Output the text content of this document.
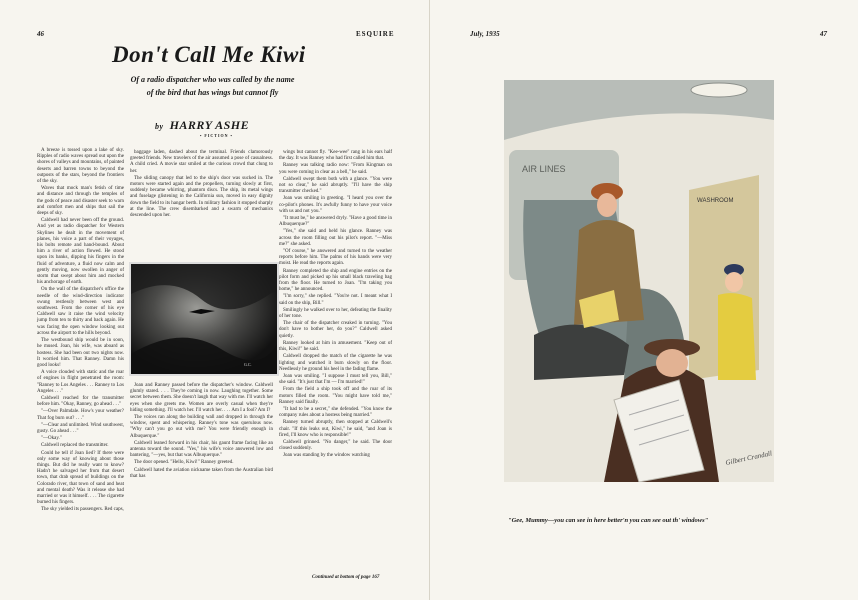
46	ESQUIRE
Don't Call Me Kiwi
Of a radio dispatcher who was called by the name of the bird that has wings but cannot fly
by HARRY ASHE
• FICTION •

A breeze is tossed upon a lake of sky. Ripples of radio waves spread out upon the shores of valleys and mountains, of painted deserts and barren towns to beyond the outposts of the stars, beyond the frontiers of the sky.

Waves that mock man's fetish of time and distance and through the temples of the gods of peace and disaster seek to warn and comfort men and ships that sail the deeps of sky.

Caldwell had never been off the ground. And yet as radio dispatcher for Western Skylines he dealt in the movement of planes, his voice a part of their voyages, his bolts remote and hand-bound. About him a river of action flowed. He stood upon its banks, dipping his fingers in the fluid of adventure, a fluid now calm and gently moving, now swollen in anger of storm that swept about him and mocked his anchorage of earth.

On the wall of the dispatcher's office the needle of the wind-direction indicator swung restlessly between west and southwest. From the corner of his eye Caldwell saw it raise the wind velocity jump from ten to thirty and back again. He was facing the open window looking out across the airport to the hills beyond.

The westbound ship would be in soon, he mused. Joan, his wife, was aboard as hostess. She had been out two nights now. It worried him. That Ranney. Damn his good looks!

A voice clouded with static and the roar of engines in flight penetrated the room: "Ranney to Los Angeles . . . Ranney to Los Angeles . . ."

Caldwell reached for the transmitter before him. "Okay, Ranney, go ahead . . ."

"—Over Palmdale. How's your weather? That fog burn out? . . ."

"—Clear and unlimited. Wind southwest, gusty. Go ahead . . ."

"—Okay."

Caldwell replaced the transmitter.

Could he tell if Joan lied? If there were only some way of knowing about those things. But did he really want to know? Hadn't he salvaged her from that desert town, that drab spread of buildings on the Colorado river, that town of sand and heat and mental death? Was it release she had married or was it himself. . . . The cigarette burned his fingers.

The sky yielded its passengers. Red caps,

baggage laden, dashed about the terminal. Friends clamorously greeted friends. New travelers of the air assumed a pose of casualness. A child cried. A movie star smiled at the curious crowd that clung to her.

The sliding canopy that led to the ship's door was sucked in. The motors were started again and the propellers, turning slowly at first, suddenly became whirring, phantom discs. The ship, its metal wings and fuselage glistening in the California sun, moved in easy dignity down the field to its hangar berth. In military fashion it stopped sharply at the line. The crew disembarked and a swarm of mechanics descended upon her.

Joan and Ranney passed before the dispatcher's window. Caldwell glumly stared. . . . They're coming in now. Laughing together. Some secret between them. She doesn't laugh that way with me. I'll watch her eyes when she greets me. Women are overly casual when they're hiding something. I'll watch her. I'll watch her. . . . Am I a fool? Am I?

The voices ran along the building wall and dropped in through the window, spent and whispering. Ranney's tone was querulous now. "Why can't you go out with me? You were friendly enough in Albuquerque."

Caldwell leaned forward in his chair, his gaunt frame facing like an antenna toward the sound. "Yes," his wife's voice answered low and bantering, "—yes, but that was Albuquerque."

The door opened. "Hello, Kiwi!" Ranney greeted.

Caldwell hated the aviation nickname taken from the Australian bird that has

wings but cannot fly. "Kee-wee" rang in his ears half the day. It was Ranney who had first called him that.

Ranney was talking radio now: "From Kingman on you were coming in clear as a bell," he said.

Caldwell swept them both with a glance. "You were not so clear," he said abruptly. "I'll have the ship transmitter checked."

Joan was smiling in greeting. "I heard you over the co-pilot's phones. It's awfully funny to have your voice with us and not you."

"It must be," he answered dryly. "Have a good time in Albuquerque?"

"Yes," she said and held his glance. Ranney was across the room filling out his pilot's report. "—Miss me?" she asked.

"Of course," he answered and turned to the weather reports before him. The palms of his hands were very moist. He read the reports again.

Ranney completed the ship and engine entries on the pilot form and picked up his small black traveling bag from the floor. He turned to Joan. "I'm taking you home," he announced.

"I'm sorry," she replied. "You're not. I meant what I said on the ship, Bill."

Smilingly he walked over to her, defeating the finality of her tone.

The chair of the dispatcher creaked in turning. "You don't have to bother her, do you?" Caldwell asked quietly.

Ranney looked at him in amusement. "Keep out of this, Kiwi!" he said.

Caldwell dropped the match of the cigarette he was lighting and watched it burn slowly on the floor. Needlessly he ground his heel in the fading flame.

Joan was smiling. "I suppose I must tell you, Bill," she said. "It's just that I'm — I'm married!"

From the field a ship took off and the roar of its motors filled the room. "You might have told me," Ranney said finally.

"It had to be a secret," she defended. "You know the company rules about a hostess being married."

Ranney turned abruptly, then stopped at Caldwell's chair. "If this leaks out, Kiwi," he said, "and Joan is fired, I'll know who is responsible!"

Caldwell grinned. "No danger," he said. The door closed suddenly.

Joan was standing by the window watching

G.C.
Continued at bottom of page 167
July, 1935	47
AIR LINES
WASHROOM
Gilbert Crandall
"Gee, Mummy—you can see in here better'n you can see out th' windows"
